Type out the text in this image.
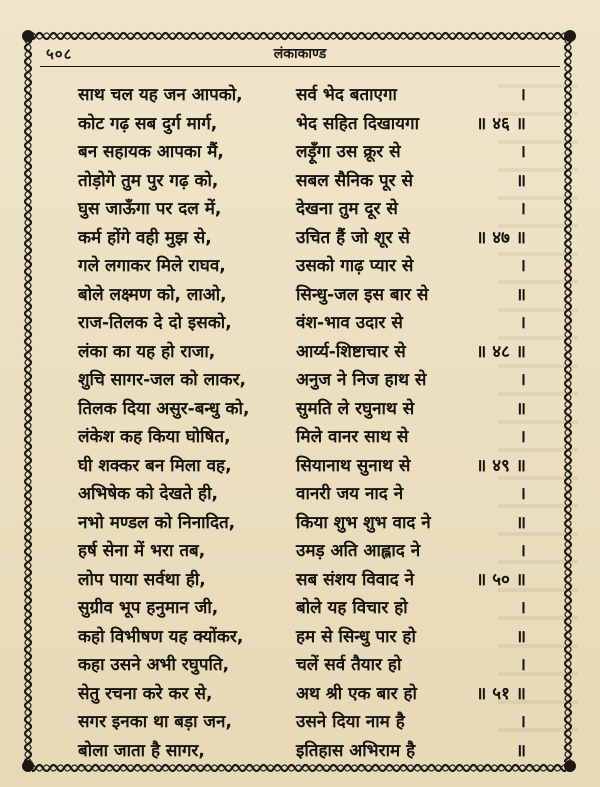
५०८	लंकाकाण्ड
साथ चल यह जन आपको,	सर्व भेद बताएगा	।
कोट गढ़ सब दुर्ग मार्ग,	भेद सहित दिखायगा	॥ ४६ ॥
बन सहायक आपका मैं,	लड़ूँगा उस क्रूर से	।
तोड़ोगे तुम पुर गढ़ को,	सबल सैनिक पूर से	॥
घुस जाऊँगा पर दल में,	देखना तुम दूर से	।
कर्म होंगे वही मुझ से,	उचित हैं जो शूर से	॥ ४७ ॥
गले लगाकर मिले राघव,	उसको गाढ़ प्यार से	।
बोले लक्ष्मण को, लाओ,	सिन्धु-जल इस बार से	॥
राज-तिलक दे दो इसको,	वंश-भाव उदार से	।
लंका का यह हो राजा,	आर्य्य-शिष्टाचार से	॥ ४८ ॥
शुचि सागर-जल को लाकर,	अनुज ने निज हाथ से	।
तिलक दिया असुर-बन्धु को,	सुमति ले रघुनाथ से	॥
लंकेश कह किया घोषित,	मिले वानर साथ से	।
घी शक्कर बन मिला वह,	सियानाथ सुनाथ से	॥ ४९ ॥
अभिषेक को देखते ही,	वानरी जय नाद ने	।
नभो मण्डल को निनादित,	किया शुभ शुभ वाद ने	॥
हर्ष सेना में भरा तब,	उमड़ अति आह्लाद ने	।
लोप पाया सर्वथा ही,	सब संशय विवाद ने	॥ ५० ॥
सुग्रीव भूप हनुमान जी,	बोले यह विचार हो	।
कहो विभीषण यह क्योंकर,	हम से सिन्धु पार हो	॥
कहा उसने अभी रघुपति,	चलें सर्व तैयार हो	।
सेतु रचना करे कर से,	अथ श्री एक बार हो	॥ ५१ ॥
सगर इनका था बड़ा जन,	उसने दिया नाम है	।
बोला जाता है सागर,	इतिहास अभिराम है	॥
